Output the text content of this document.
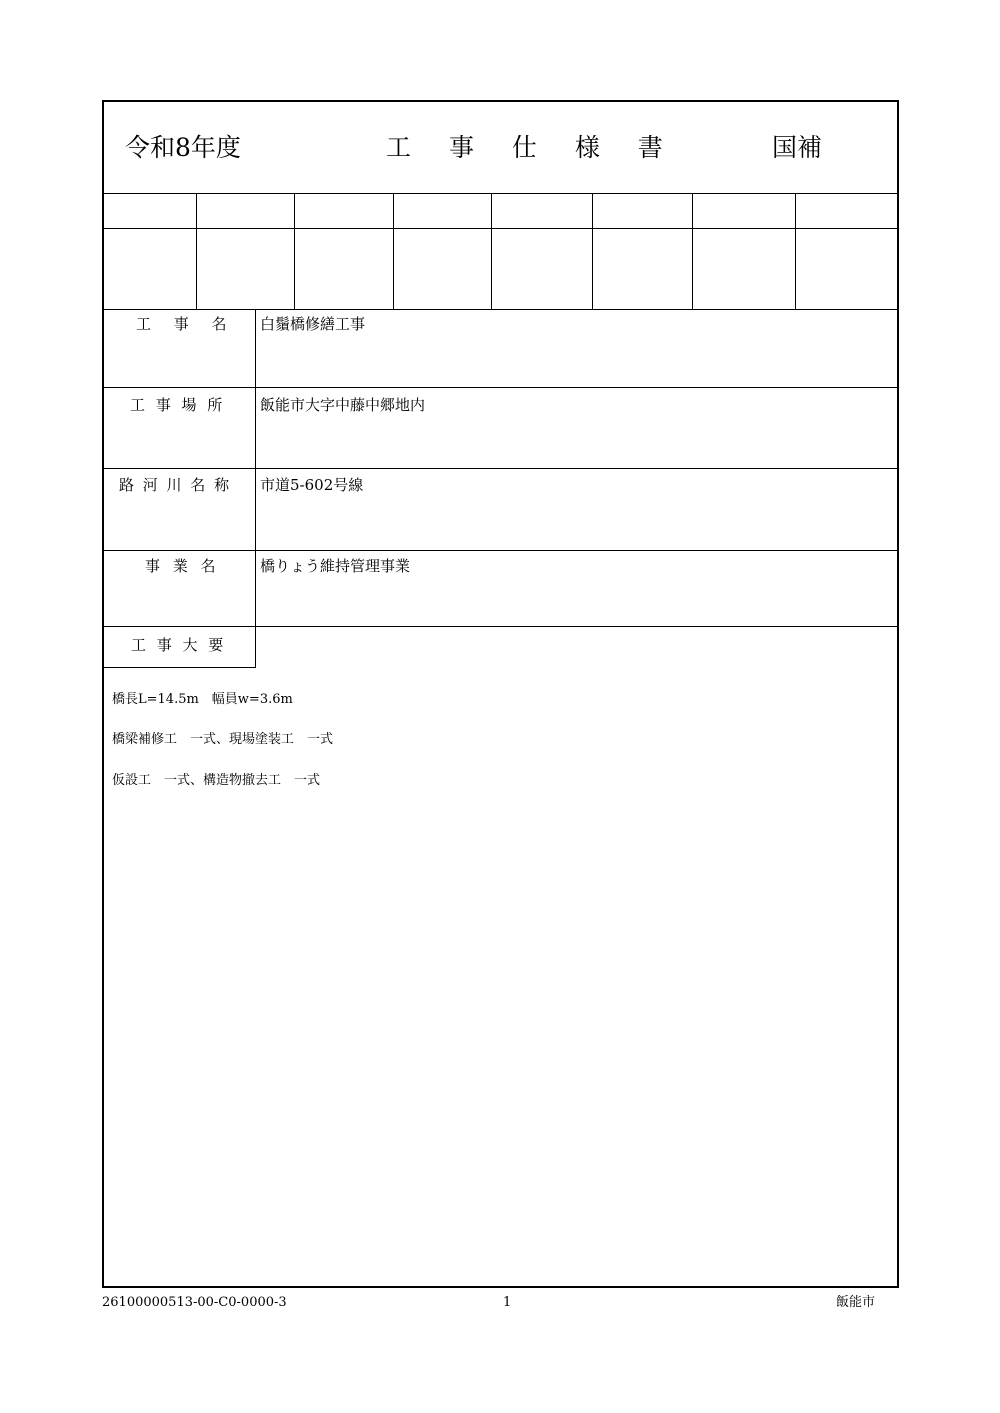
令和8年度	工 事 仕 様 書	国補
工 事 名 白鬚橋修繕工事
工 事 場 所 飯能市大字中藤中郷地内
路 河 川 名 称 市道5-602号線
事 業 名	橋りょう維持管理事業
工 事 大 要
橋長L=14.5m　幅員w=3.6m
橋梁補修工　一式、現場塗装工　一式
仮設工　一式、構造物撤去工　一式
26100000513-00-C0-0000-3	1	飯能市
